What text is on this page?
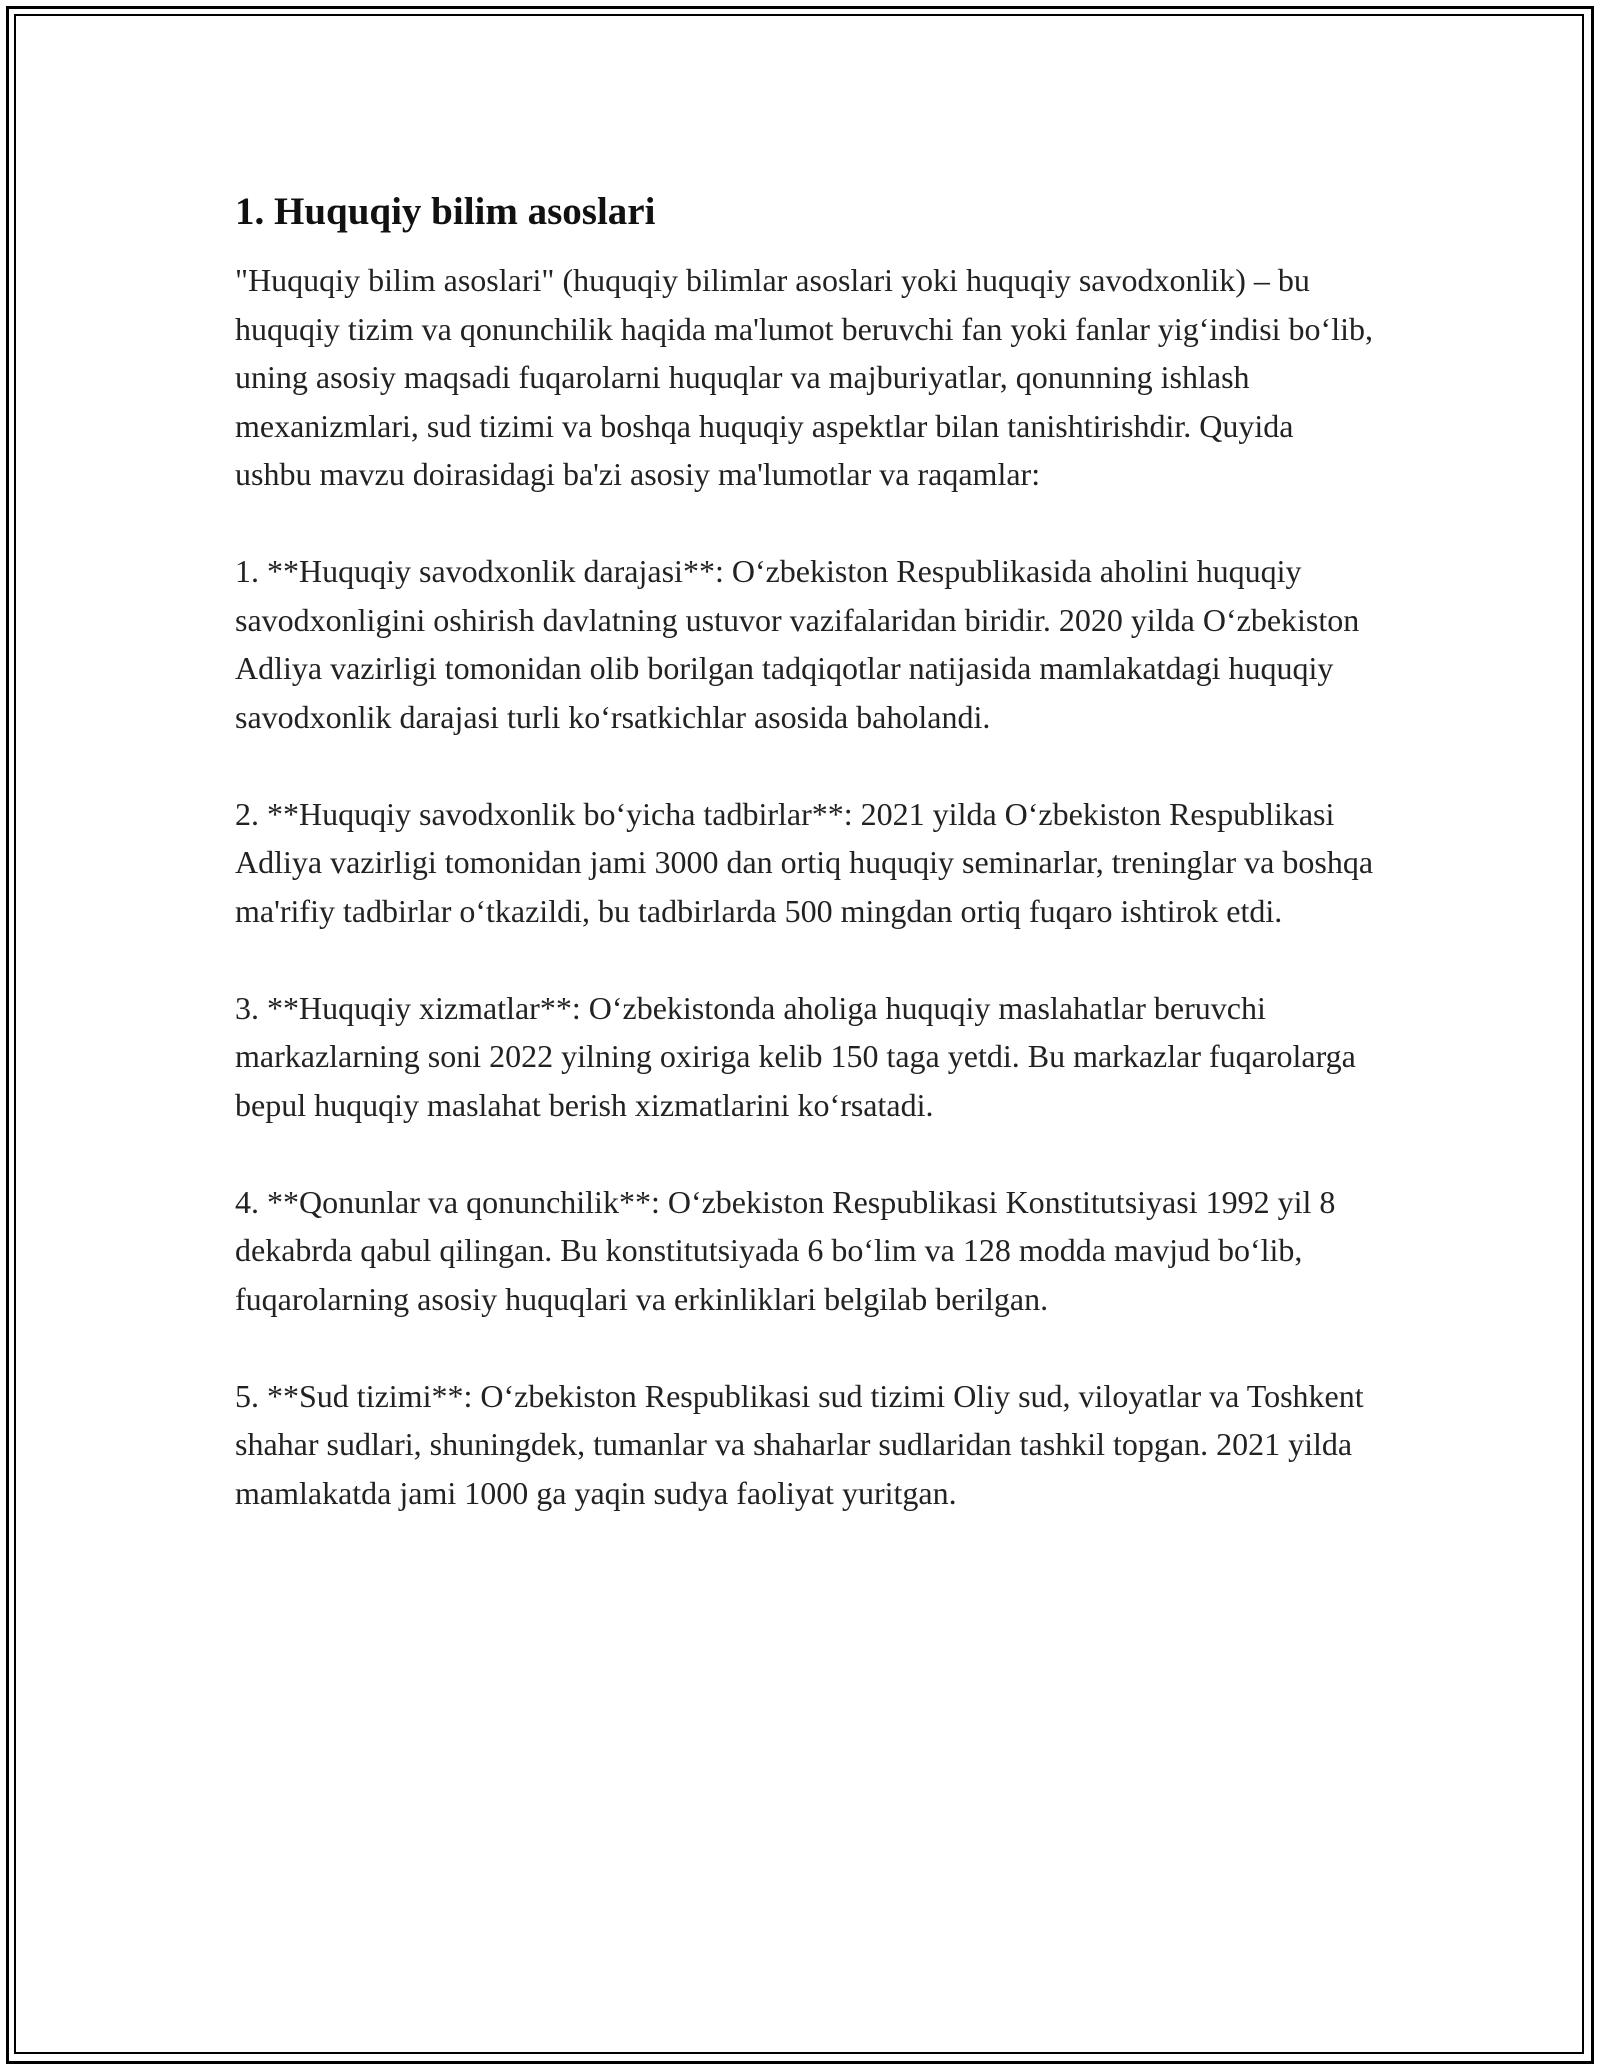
1. Huquqiy bilim asoslari

"Huquqiy bilim asoslari" (huquqiy bilimlar asoslari yoki huquqiy savodxonlik) – bu huquqiy tizim va qonunchilik haqida ma'lumot beruvchi fan yoki fanlar yig‘indisi bo‘lib, uning asosiy maqsadi fuqarolarni huquqlar va majburiyatlar, qonunning ishlash mexanizmlari, sud tizimi va boshqa huquqiy aspektlar bilan tanishtirishdir. Quyida ushbu mavzu doirasidagi ba'zi asosiy ma'lumotlar va raqamlar:

1. **Huquqiy savodxonlik darajasi**: O‘zbekiston Respublikasida aholini huquqiy savodxonligini oshirish davlatning ustuvor vazifalaridan biridir. 2020 yilda O‘zbekiston Adliya vazirligi tomonidan olib borilgan tadqiqotlar natijasida mamlakatdagi huquqiy savodxonlik darajasi turli ko‘rsatkichlar asosida baholandi.

2. **Huquqiy savodxonlik bo‘yicha tadbirlar**: 2021 yilda O‘zbekiston Respublikasi Adliya vazirligi tomonidan jami 3000 dan ortiq huquqiy seminarlar, treninglar va boshqa ma'rifiy tadbirlar o‘tkazildi, bu tadbirlarda 500 mingdan ortiq fuqaro ishtirok etdi.

3. **Huquqiy xizmatlar**: O‘zbekistonda aholiga huquqiy maslahatlar beruvchi markazlarning soni 2022 yilning oxiriga kelib 150 taga yetdi. Bu markazlar fuqarolarga bepul huquqiy maslahat berish xizmatlarini ko‘rsatadi.

4. **Qonunlar va qonunchilik**: O‘zbekiston Respublikasi Konstitutsiyasi 1992 yil 8 dekabrda qabul qilingan. Bu konstitutsiyada 6 bo‘lim va 128 modda mavjud bo‘lib, fuqarolarning asosiy huquqlari va erkinliklari belgilab berilgan.

5. **Sud tizimi**: O‘zbekiston Respublikasi sud tizimi Oliy sud, viloyatlar va Toshkent shahar sudlari, shuningdek, tumanlar va shaharlar sudlaridan tashkil topgan. 2021 yilda mamlakatda jami 1000 ga yaqin sudya faoliyat yuritgan.
